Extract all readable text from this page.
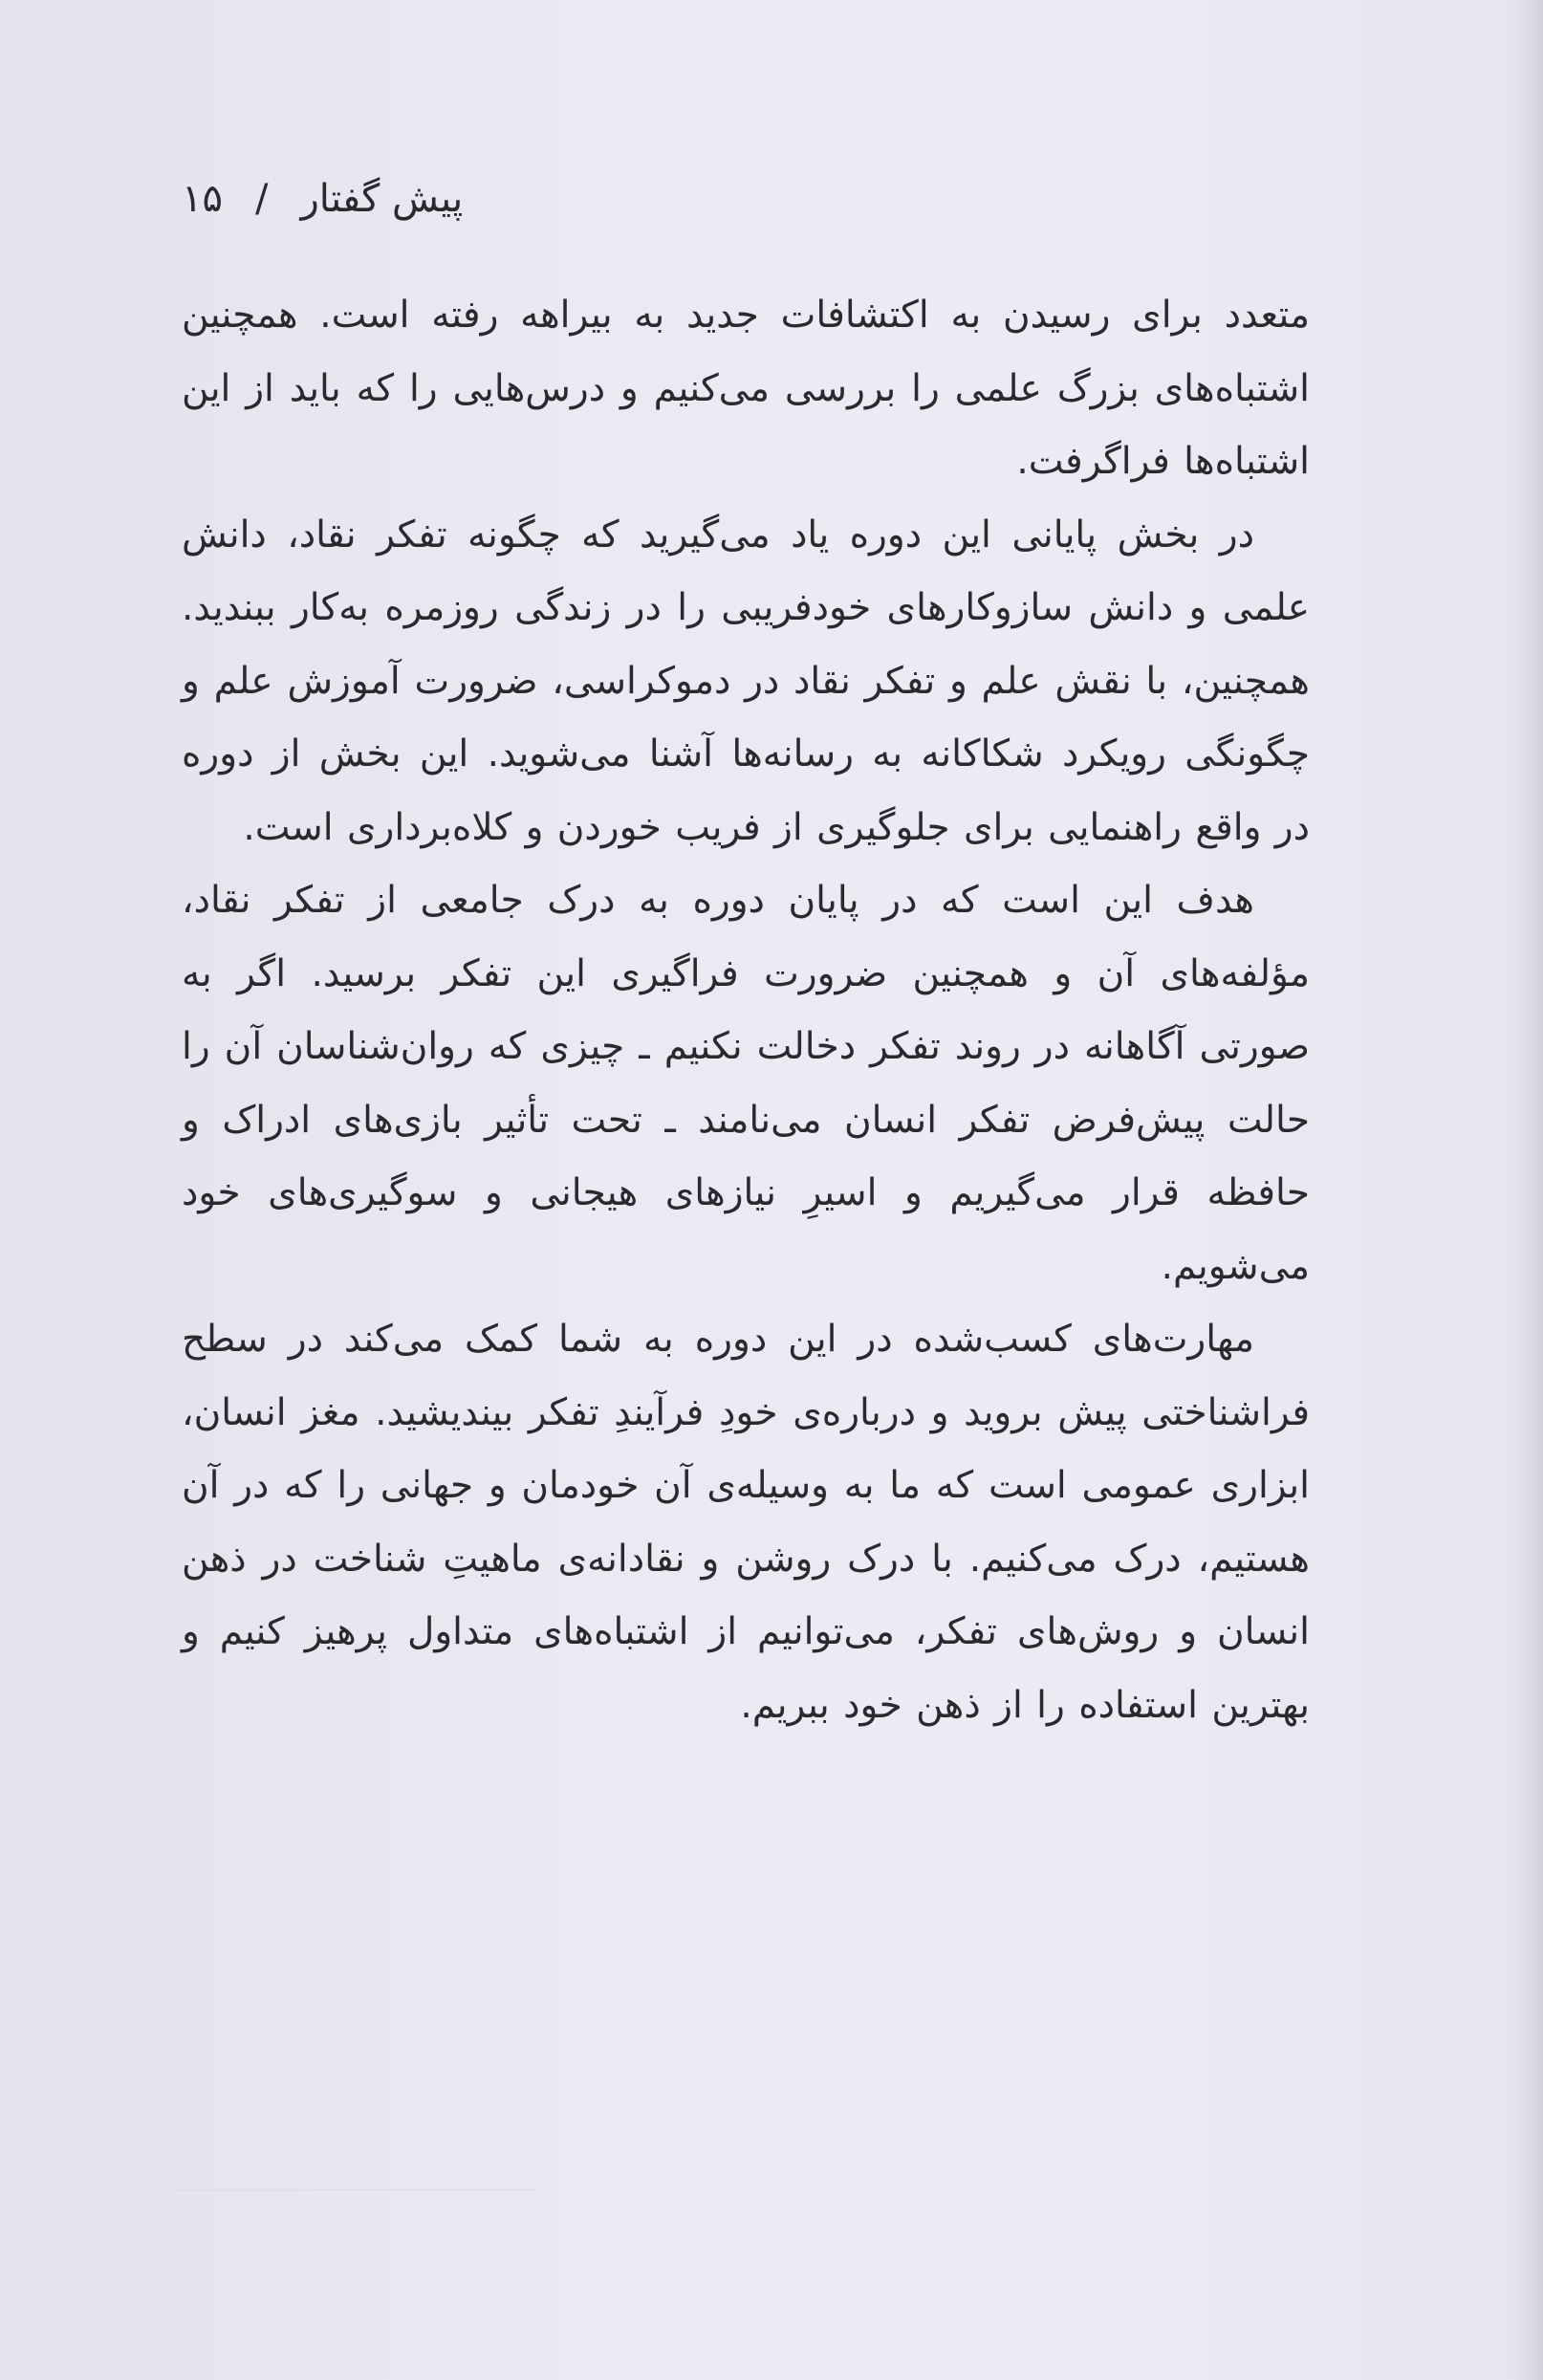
پیش گفتار
/
۱۵

متعدد برای رسیدن به اکتشافات جدید به بیراهه رفته است. همچنین اشتباه‌های بزرگ علمی را بررسی می‌کنیم و درس‌هایی را که باید از این اشتباه‌ها فراگرفت.

در بخش پایانی این دوره یاد می‌گیرید که چگونه تفکر نقاد، دانش علمی و دانش سازوکارهای خودفریبی را در زندگی روزمره به‌کار ببندید. همچنین، با نقش علم و تفکر نقاد در دموکراسی، ضرورت آموزش علم و چگونگی رویکرد شکاکانه به رسانه‌ها آشنا می‌شوید. این بخش از دوره در واقع راهنمایی برای جلوگیری از فریب خوردن و کلاه‌برداری است.

هدف این است که در پایان دوره به درک جامعی از تفکر نقاد، مؤلفه‌های آن و همچنین ضرورت فراگیری این تفکر برسید. اگر به صورتی آگاهانه در روند تفکر دخالت نکنیم ـ چیزی که روان‌شناسان آن را حالت پیش‌فرض تفکر انسان می‌نامند ـ تحت تأثیر بازی‌های ادراک و حافظه قرار می‌گیریم و اسیرِ نیازهای هیجانی و سوگیری‌های خود می‌شویم.

مهارت‌های کسب‌شده در این دوره به شما کمک می‌کند در سطح فراشناختی پیش بروید و درباره‌ی خودِ فرآیندِ تفکر بیندیشید. مغز انسان، ابزاری عمومی است که ما به وسیله‌ی آن خودمان و جهانی را که در آن هستیم، درک می‌کنیم. با درک روشن و نقادانه‌ی ماهیتِ شناخت در ذهن انسان و روش‌های تفکر، می‌توانیم از اشتباه‌های متداول پرهیز کنیم و بهترین استفاده را از ذهن خود ببریم.
